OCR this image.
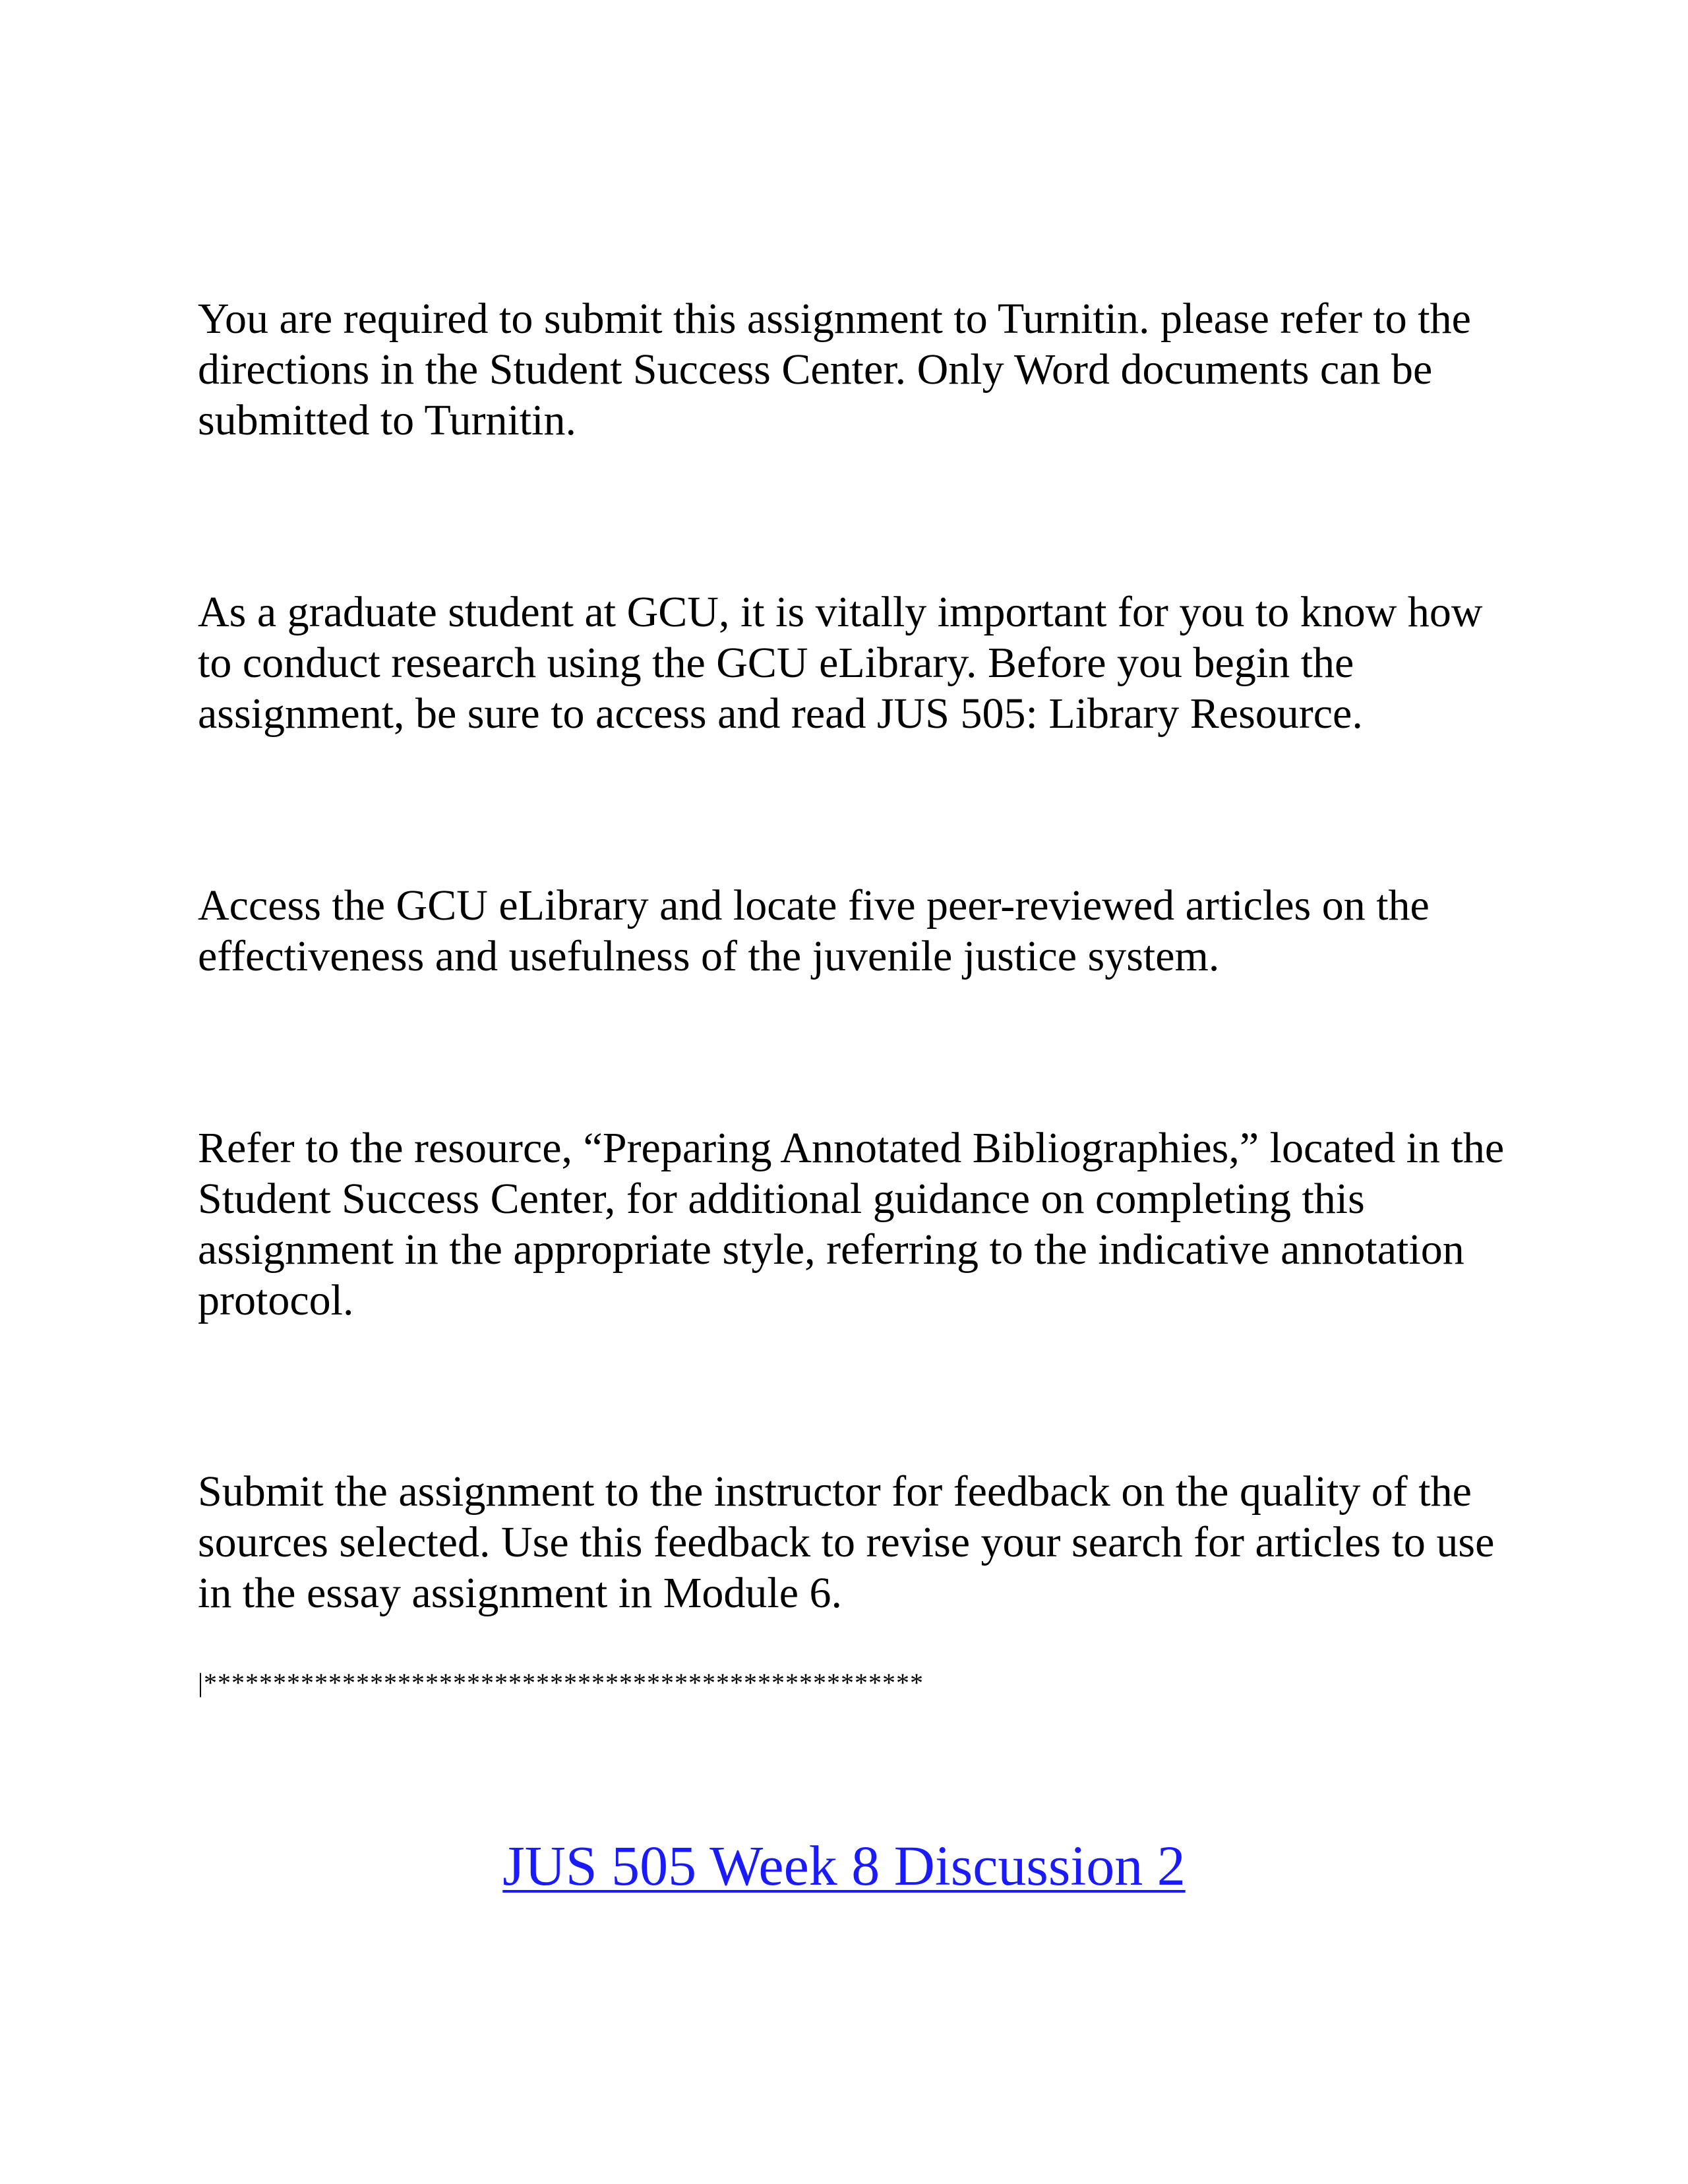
You are required to submit this assignment to Turnitin. please refer to the directions in the Student Success Center. Only Word documents can be submitted to Turnitin.

As a graduate student at GCU, it is vitally important for you to know how to conduct research using the GCU eLibrary. Before you begin the assignment, be sure to access and read JUS 505: Library Resource.

Access the GCU eLibrary and locate five peer-reviewed articles on the effectiveness and usefulness of the juvenile justice system.

Refer to the resource, “Preparing Annotated Bibliographies,” located in the Student Success Center, for additional guidance on completing this assignment in the appropriate style, referring to the indicative annotation protocol.

Submit the assignment to the instructor for feedback on the quality of the sources selected. Use this feedback to revise your search for articles to use in the essay assignment in Module 6.

|****************************************************

JUS 505 Week 8 Discussion 2
